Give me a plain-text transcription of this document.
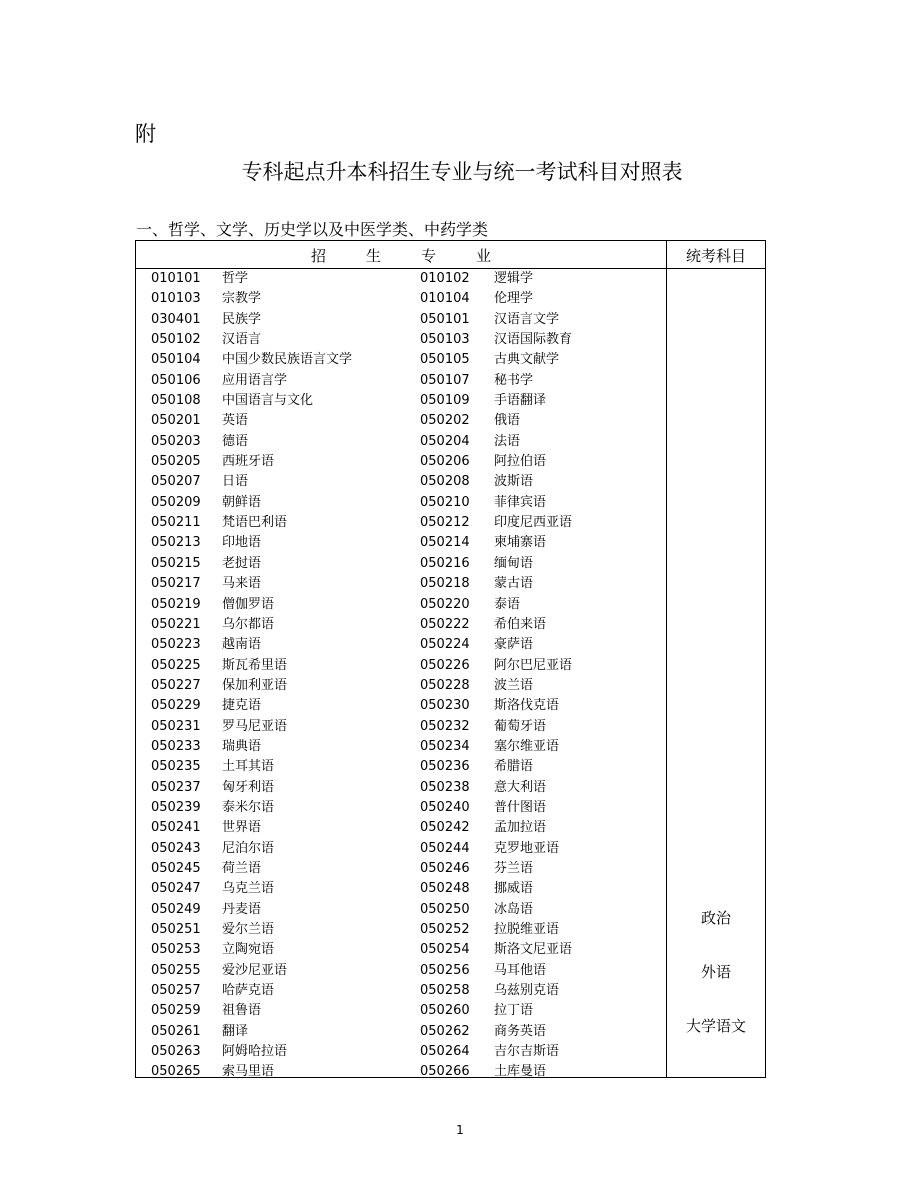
附
专科起点升本科招生专业与统一考试科目对照表
一、哲学、文学、历史学以及中医学类、中药学类
招	生	专	业	统考科目
010101 哲学	010102 逻辑学
010103 宗教学	010104 伦理学
030401 民族学	050101 汉语言文学
050102 汉语言	050103 汉语国际教育
050104 中国少数民族语言文学	050105 古典文献学
050106 应用语言学	050107 秘书学
050108 中国语言与文化	050109 手语翻译
050201 英语	050202 俄语
050203 德语	050204 法语
050205 西班牙语	050206 阿拉伯语
050207 日语	050208 波斯语
050209 朝鲜语	050210 菲律宾语
050211 梵语巴利语	050212 印度尼西亚语
050213 印地语	050214 柬埔寨语
050215 老挝语	050216 缅甸语
050217 马来语	050218 蒙古语
050219 僧伽罗语	050220 泰语
050221 乌尔都语	050222 希伯来语
050223 越南语	050224 豪萨语
050225 斯瓦希里语	050226 阿尔巴尼亚语
050227 保加利亚语	050228 波兰语
050229 捷克语	050230 斯洛伐克语
050231 罗马尼亚语	050232 葡萄牙语
050233 瑞典语	050234 塞尔维亚语
050235 土耳其语	050236 希腊语
050237 匈牙利语	050238 意大利语
050239 泰米尔语	050240 普什图语
050241 世界语	050242 孟加拉语
050243 尼泊尔语	050244 克罗地亚语
050245 荷兰语	050246 芬兰语
050247 乌克兰语	050248 挪威语
050249 丹麦语	050250 冰岛语
050251 爱尔兰语	050252 拉脱维亚语
050253 立陶宛语	050254 斯洛文尼亚语
050255 爱沙尼亚语	050256 马耳他语
050257 哈萨克语	050258 乌兹别克语
050259 祖鲁语	050260 拉丁语
050261 翻译	050262 商务英语
050263 阿姆哈拉语	050264 吉尔吉斯语
050265 索马里语	050266 土库曼语
政治
外语
大学语文
1
